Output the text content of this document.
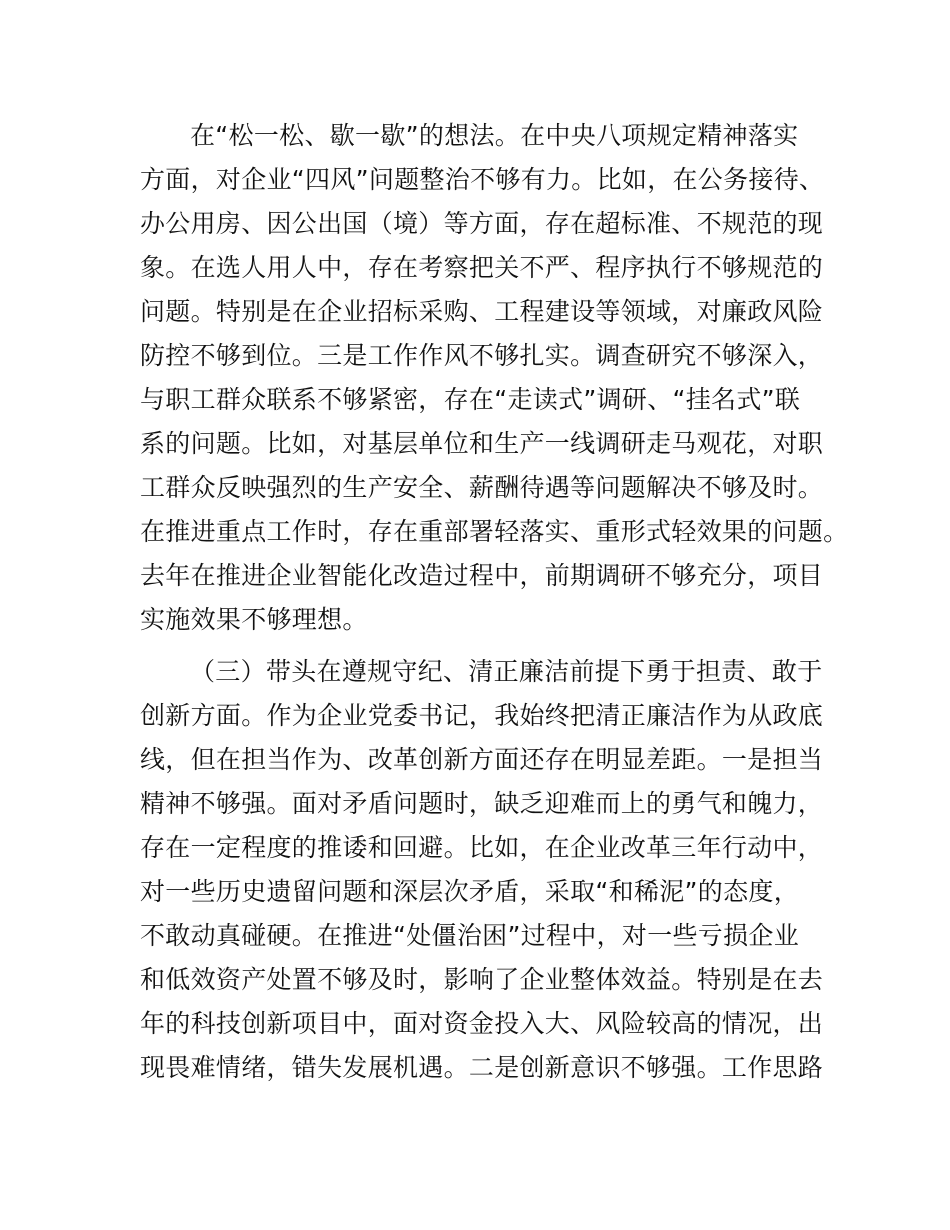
在“松一松、歇一歇”的想法。在中央八项规定精神落实
方面，对企业“四风”问题整治不够有力。比如，在公务接待、
办公用房、因公出国（境）等方面，存在超标准、不规范的现
象。在选人用人中，存在考察把关不严、程序执行不够规范的
问题。特别是在企业招标采购、工程建设等领域，对廉政风险
防控不够到位。三是工作作风不够扎实。调查研究不够深入，
与职工群众联系不够紧密，存在“走读式”调研、“挂名式”联
系的问题。比如，对基层单位和生产一线调研走马观花，对职
工群众反映强烈的生产安全、薪酬待遇等问题解决不够及时。
在推进重点工作时，存在重部署轻落实、重形式轻效果的问题。
去年在推进企业智能化改造过程中，前期调研不够充分，项目
实施效果不够理想。
（三）带头在遵规守纪、清正廉洁前提下勇于担责、敢于
创新方面。作为企业党委书记，我始终把清正廉洁作为从政底
线，但在担当作为、改革创新方面还存在明显差距。一是担当
精神不够强。面对矛盾问题时，缺乏迎难而上的勇气和魄力，
存在一定程度的推诿和回避。比如，在企业改革三年行动中，
对一些历史遗留问题和深层次矛盾，采取“和稀泥”的态度，
不敢动真碰硬。在推进“处僵治困”过程中，对一些亏损企业
和低效资产处置不够及时，影响了企业整体效益。特别是在去
年的科技创新项目中，面对资金投入大、风险较高的情况，出
现畏难情绪，错失发展机遇。二是创新意识不够强。工作思路
